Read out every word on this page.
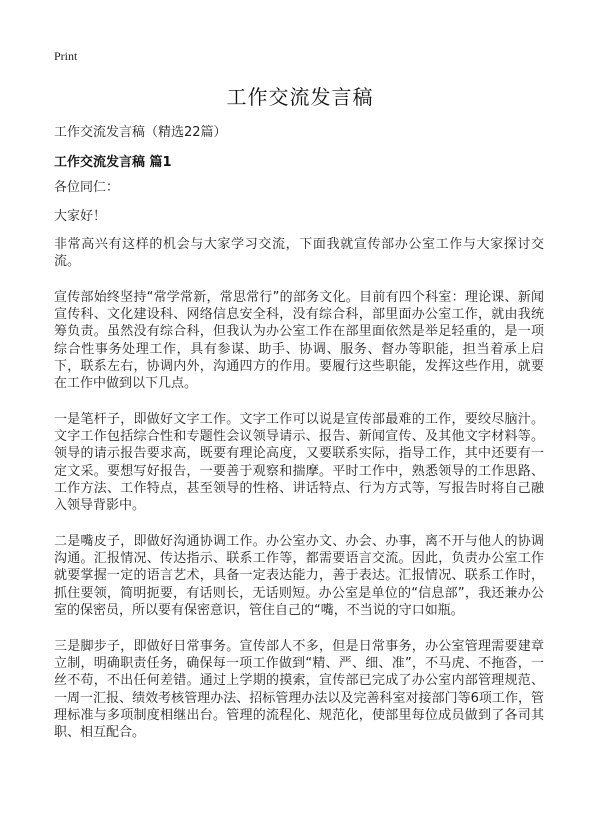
Print
工作交流发言稿
工作交流发言稿（精选22篇）
工作交流发言稿 篇1
各位同仁：
大家好！
非常高兴有这样的机会与大家学习交流，下面我就宣传部办公室工作与大家探讨交流。
宣传部始终坚持“常学常新，常思常行”的部务文化。目前有四个科室：理论课、新闻宣传科、文化建设科、网络信息安全科，没有综合科，部里面办公室工作，就由我统筹负责。虽然没有综合科，但我认为办公室工作在部里面依然是举足轻重的，是一项综合性事务处理工作，具有参谋、助手、协调、服务、督办等职能，担当着承上启下，联系左右，协调内外，沟通四方的作用。要履行这些职能，发挥这些作用，就要在工作中做到以下几点。
一是笔杆子，即做好文字工作。文字工作可以说是宣传部最难的工作，要绞尽脑汁。文字工作包括综合性和专题性会议领导请示、报告、新闻宣传、及其他文字材料等。领导的请示报告要求高，既要有理论高度，又要联系实际，指导工作，其中还要有一定文采。要想写好报告，一要善于观察和揣摩。平时工作中，熟悉领导的工作思路、工作方法、工作特点，甚至领导的性格、讲话特点、行为方式等，写报告时将自己融入领导背影中。
二是嘴皮子，即做好沟通协调工作。办公室办文、办会、办事，离不开与他人的协调沟通。汇报情况、传达指示、联系工作等，都需要语言交流。因此，负责办公室工作就要掌握一定的语言艺术，具备一定表达能力，善于表达。汇报情况、联系工作时，抓住要领，简明扼要，有话则长，无话则短。办公室是单位的“信息部”，我还兼办公室的保密员，所以要有保密意识，管住自己的“嘴，不当说的守口如瓶。
三是脚步子，即做好日常事务。宣传部人不多，但是日常事务，办公室管理需要建章立制，明确职责任务，确保每一项工作做到“精、严、细、准”，不马虎、不拖沓，一丝不苟，不出任何差错。通过上学期的摸索，宣传部已完成了办公室内部管理规范、一周一汇报、绩效考核管理办法、招标管理办法以及完善科室对接部门等6项工作，管理标准与多项制度相继出台。管理的流程化、规范化，使部里每位成员做到了各司其职、相互配合。
